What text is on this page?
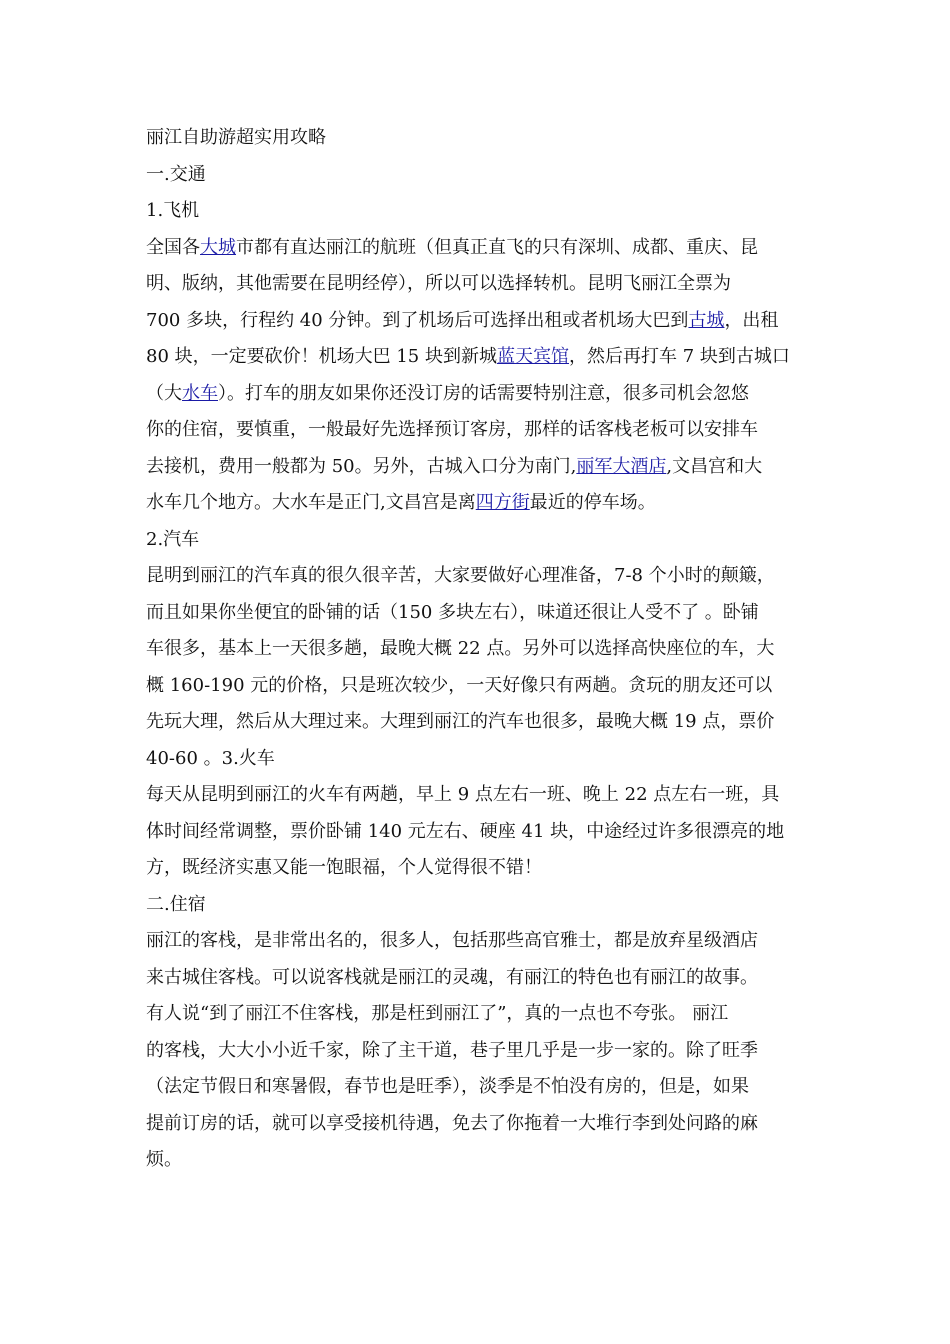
丽江自助游超实用攻略
一.交通
1.飞机
全国各大城市都有直达丽江的航班（但真正直飞的只有深圳、成都、重庆、昆
明、版纳，其他需要在昆明经停），所以可以选择转机。昆明飞丽江全票为
700 多块，行程约 40 分钟。到了机场后可选择出租或者机场大巴到古城，出租
80 块，一定要砍价！机场大巴 15 块到新城蓝天宾馆，然后再打车 7 块到古城口
（大水车）。打车的朋友如果你还没订房的话需要特别注意，很多司机会忽悠
你的住宿，要慎重，一般最好先选择预订客房，那样的话客栈老板可以安排车
去接机，费用一般都为 50。另外，古城入口分为南门,丽军大酒店,文昌宫和大
水车几个地方。大水车是正门,文昌宫是离四方街最近的停车场。
2.汽车
昆明到丽江的汽车真的很久很辛苦，大家要做好心理准备，7-8 个小时的颠簸，
而且如果你坐便宜的卧铺的话（150 多块左右），味道还很让人受不了 。卧铺
车很多，基本上一天很多趟，最晚大概 22 点。另外可以选择高快座位的车，大
概 160-190 元的价格，只是班次较少，一天好像只有两趟。贪玩的朋友还可以
先玩大理，然后从大理过来。大理到丽江的汽车也很多，最晚大概 19 点，票价
40-60 。3.火车
每天从昆明到丽江的火车有两趟，早上 9 点左右一班、晚上 22 点左右一班，具
体时间经常调整，票价卧铺 140 元左右、硬座 41 块，中途经过许多很漂亮的地
方，既经济实惠又能一饱眼福，个人觉得很不错！
二.住宿
丽江的客栈，是非常出名的，很多人，包括那些高官雅士，都是放弃星级酒店
来古城住客栈。可以说客栈就是丽江的灵魂，有丽江的特色也有丽江的故事。
有人说“到了丽江不住客栈，那是枉到丽江了”，真的一点也不夸张。 丽江
的客栈，大大小小近千家，除了主干道，巷子里几乎是一步一家的。除了旺季
（法定节假日和寒暑假，春节也是旺季），淡季是不怕没有房的，但是，如果
提前订房的话，就可以享受接机待遇，免去了你拖着一大堆行李到处问路的麻
烦。
